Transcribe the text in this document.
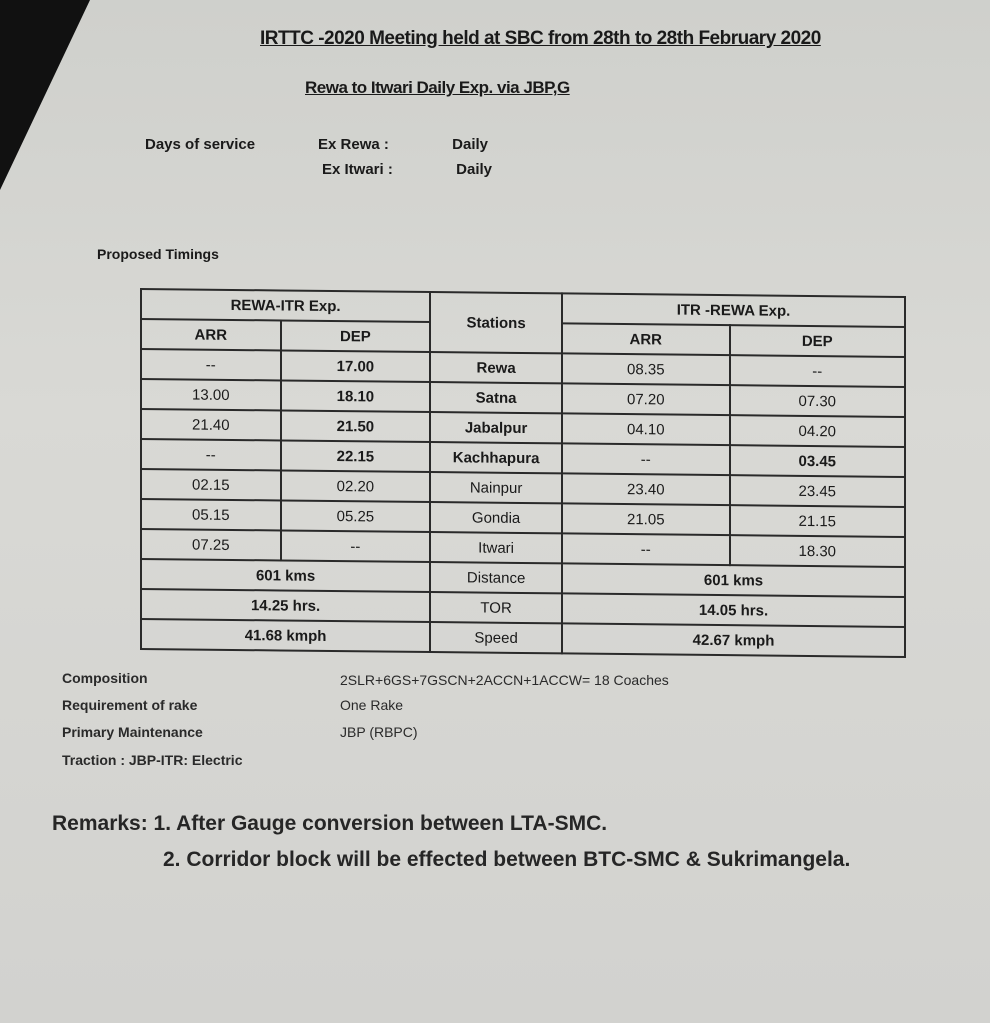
IRTTC -2020 Meeting held at SBC from 28th to 28th February 2020
Rewa to Itwari Daily Exp. via JBP,G
Days of service	Ex Rewa :	Daily
Ex Itwari :	Daily
Proposed Timings
REWA-ITR Exp.		Stations	ITR -REWA Exp.	
ARR	DEP		ARR	DEP
--	17.00	Rewa	08.35	--
13.00	18.10	Satna	07.20	07.30
21.40	21.50	Jabalpur	04.10	04.20
--	22.15	Kachhapura	--	03.45
02.15	02.20	Nainpur	23.40	23.45
05.15	05.25	Gondia	21.05	21.15
07.25	--	Itwari	--	18.30
601 kms		Distance	601 kms	
14.25 hrs.		TOR	14.05 hrs.	
41.68 kmph		Speed	42.67 kmph	
Composition	2SLR+6GS+7GSCN+2ACCN+1ACCW= 18 Coaches
Requirement of rake	One Rake
Primary Maintenance	JBP (RBPC)
Traction : JBP-ITR: Electric
Remarks: 1. After Gauge conversion between LTA-SMC.
2. Corridor block will be effected between BTC-SMC & Sukrimangela.
